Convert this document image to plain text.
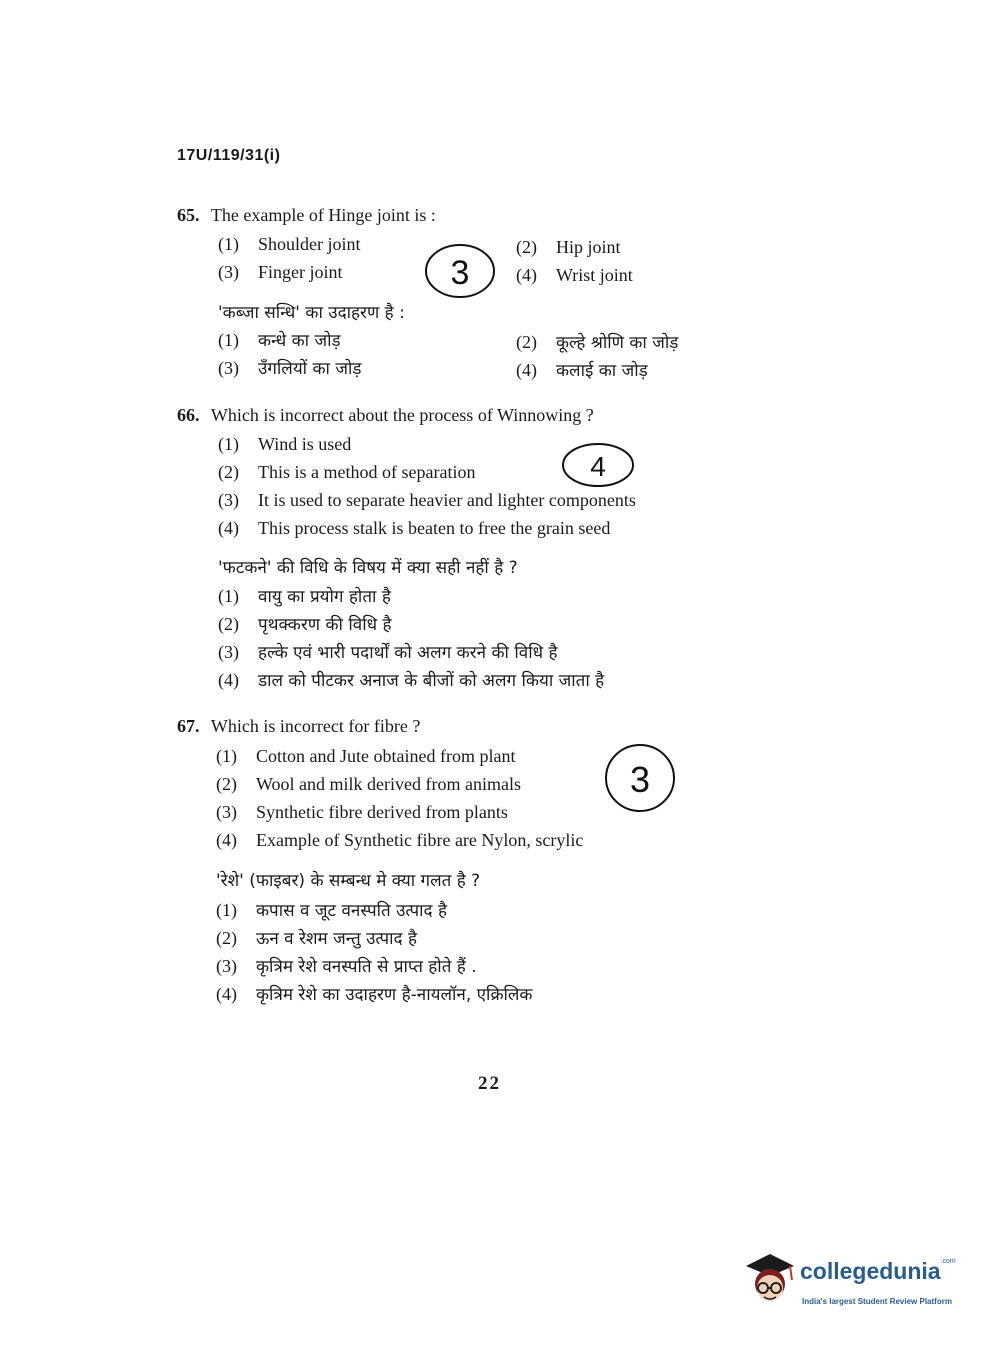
17U/119/31(i)
65. The example of Hinge joint is :
(1) Shoulder joint	(2) Hip joint
(3) Finger joint	(4) Wrist joint
3
'कब्जा सन्धि' का उदाहरण है :
(1) कन्धे का जोड़	(2) कूल्हे श्रोणि का जोड़
(3) उँगलियों का जोड़	(4) कलाई का जोड़
66. Which is incorrect about the process of Winnowing ?
(1) Wind is used
(2) This is a method of separation
(3) It is used to separate heavier and lighter components
(4) This process stalk is beaten to free the grain seed
4
'फटकने' की विधि के विषय में क्या सही नहीं है ?
(1) वायु का प्रयोग होता है
(2) पृथक्करण की विधि है
(3) हल्के एवं भारी पदार्थों को अलग करने की विधि है
(4) डाल को पीटकर अनाज के बीजों को अलग किया जाता है
67. Which is incorrect for fibre ?
(1) Cotton and Jute obtained from plant
(2) Wool and milk derived from animals
(3) Synthetic fibre derived from plants
(4) Example of Synthetic fibre are Nylon, scrylic
3
'रेशे' (फाइबर) के सम्बन्ध मे क्या गलत है ?
(1) कपास व जूट वनस्पति उत्पाद है
(2) ऊन व रेशम जन्तु उत्पाद है
(3) कृत्रिम रेशे वनस्पति से प्राप्त होते हैं .
(4) कृत्रिम रेशे का उदाहरण है-नायलॉन, एक्रिलिक
22
collegedunia$^{.com}$
India's largest Student Review Platform
